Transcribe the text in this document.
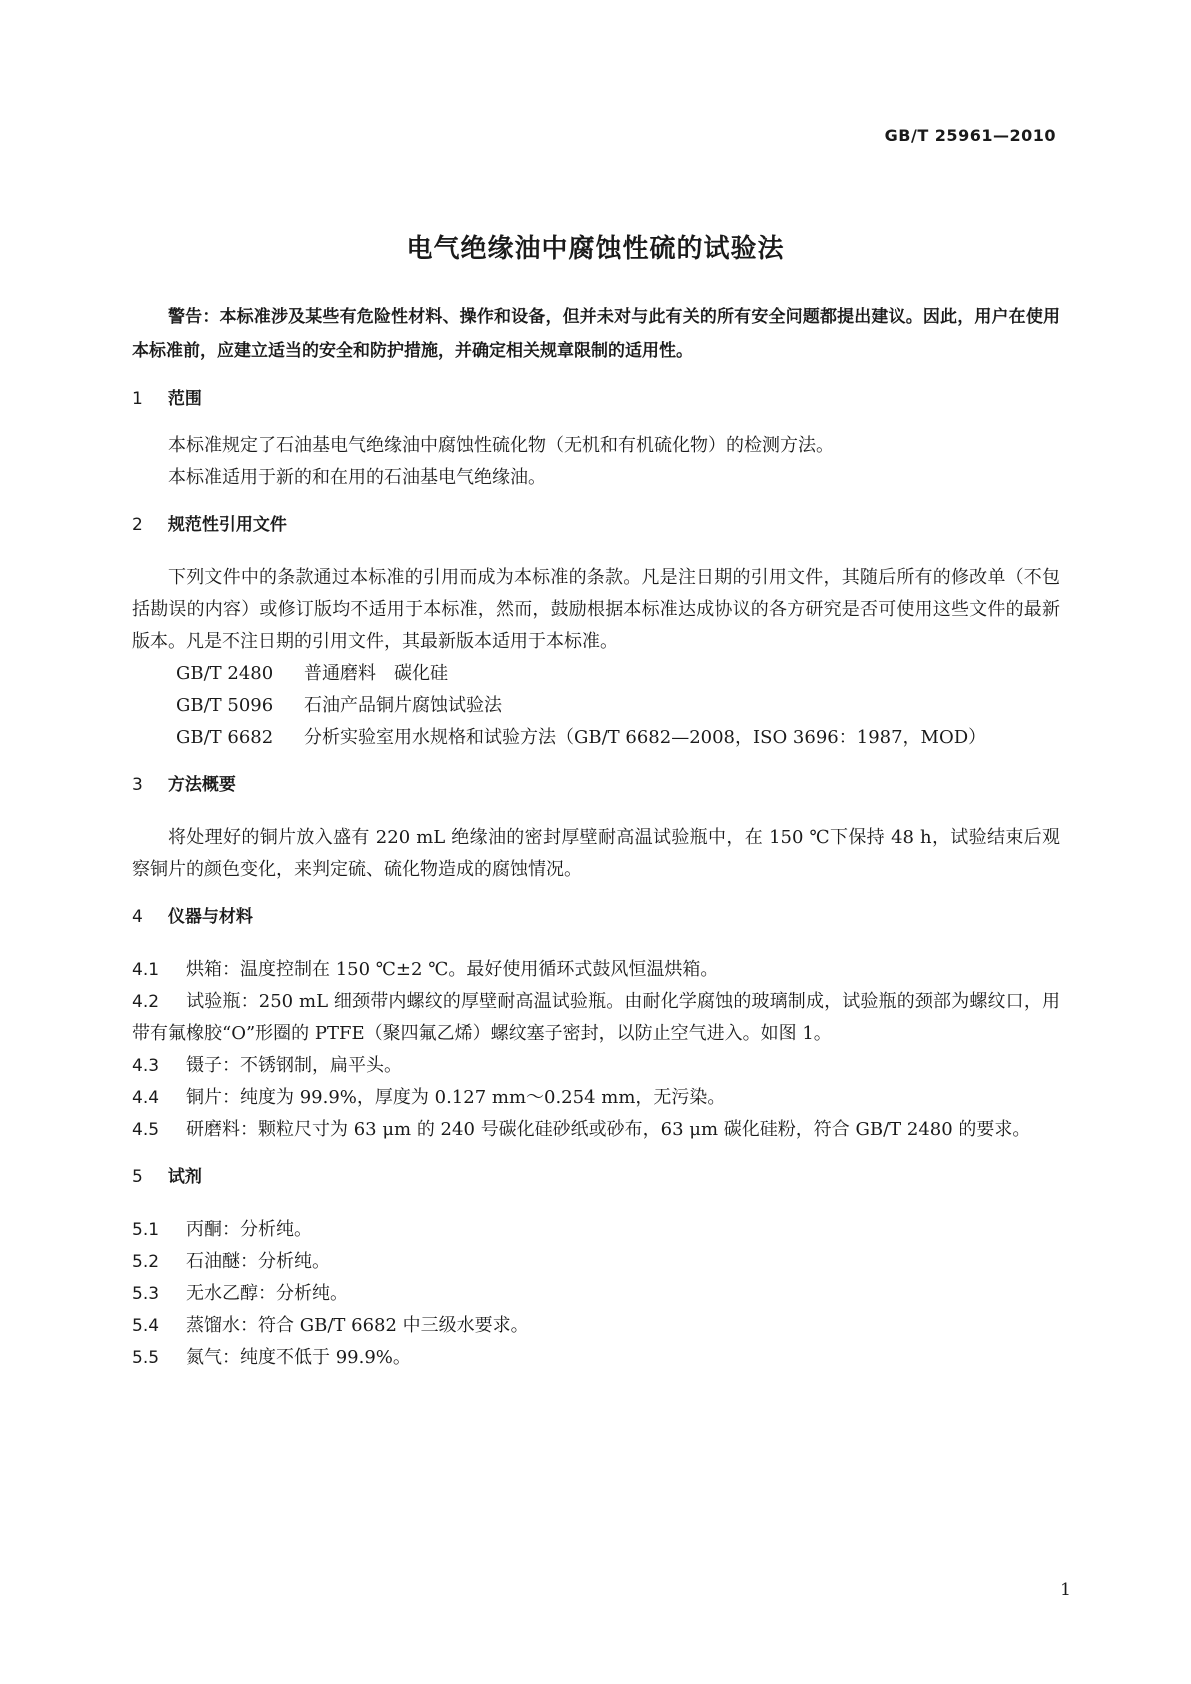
GB/T 25961—2010
电气绝缘油中腐蚀性硫的试验法

警告：本标准涉及某些有危险性材料、操作和设备，但并未对与此有关的所有安全问题都提出建议。因此，用户在使用本标准前，应建立适当的安全和防护措施，并确定相关规章限制的适用性。

1 范围

本标准规定了石油基电气绝缘油中腐蚀性硫化物（无机和有机硫化物）的检测方法。

本标准适用于新的和在用的石油基电气绝缘油。

2 规范性引用文件

下列文件中的条款通过本标准的引用而成为本标准的条款。凡是注日期的引用文件，其随后所有的修改单（不包括勘误的内容）或修订版均不适用于本标准，然而，鼓励根据本标准达成协议的各方研究是否可使用这些文件的最新版本。凡是不注日期的引用文件，其最新版本适用于本标准。

GB/T 2480 普通磨料　碳化硅

GB/T 5096 石油产品铜片腐蚀试验法

GB/T 6682 分析实验室用水规格和试验方法（GB/T 6682—2008，ISO 3696：1987，MOD）

3 方法概要

将处理好的铜片放入盛有 220 mL 绝缘油的密封厚壁耐高温试验瓶中，在 150 ℃下保持 48 h，试验结束后观察铜片的颜色变化，来判定硫、硫化物造成的腐蚀情况。

4 仪器与材料

4.1 烘箱：温度控制在 150 ℃±2 ℃。最好使用循环式鼓风恒温烘箱。

4.2 试验瓶：250 mL 细颈带内螺纹的厚壁耐高温试验瓶。由耐化学腐蚀的玻璃制成，试验瓶的颈部为螺纹口，用带有氟橡胶“O”形圈的 PTFE（聚四氟乙烯）螺纹塞子密封，以防止空气进入。如图 1。

4.3 镊子：不锈钢制，扁平头。

4.4 铜片：纯度为 99.9%，厚度为 0.127 mm～0.254 mm，无污染。

4.5 研磨料：颗粒尺寸为 63 μm 的 240 号碳化硅砂纸或砂布，63 μm 碳化硅粉，符合 GB/T 2480 的要求。

5 试剂

5.1 丙酮：分析纯。

5.2 石油醚：分析纯。

5.3 无水乙醇：分析纯。

5.4 蒸馏水：符合 GB/T 6682 中三级水要求。

5.5 氮气：纯度不低于 99.9%。

1
